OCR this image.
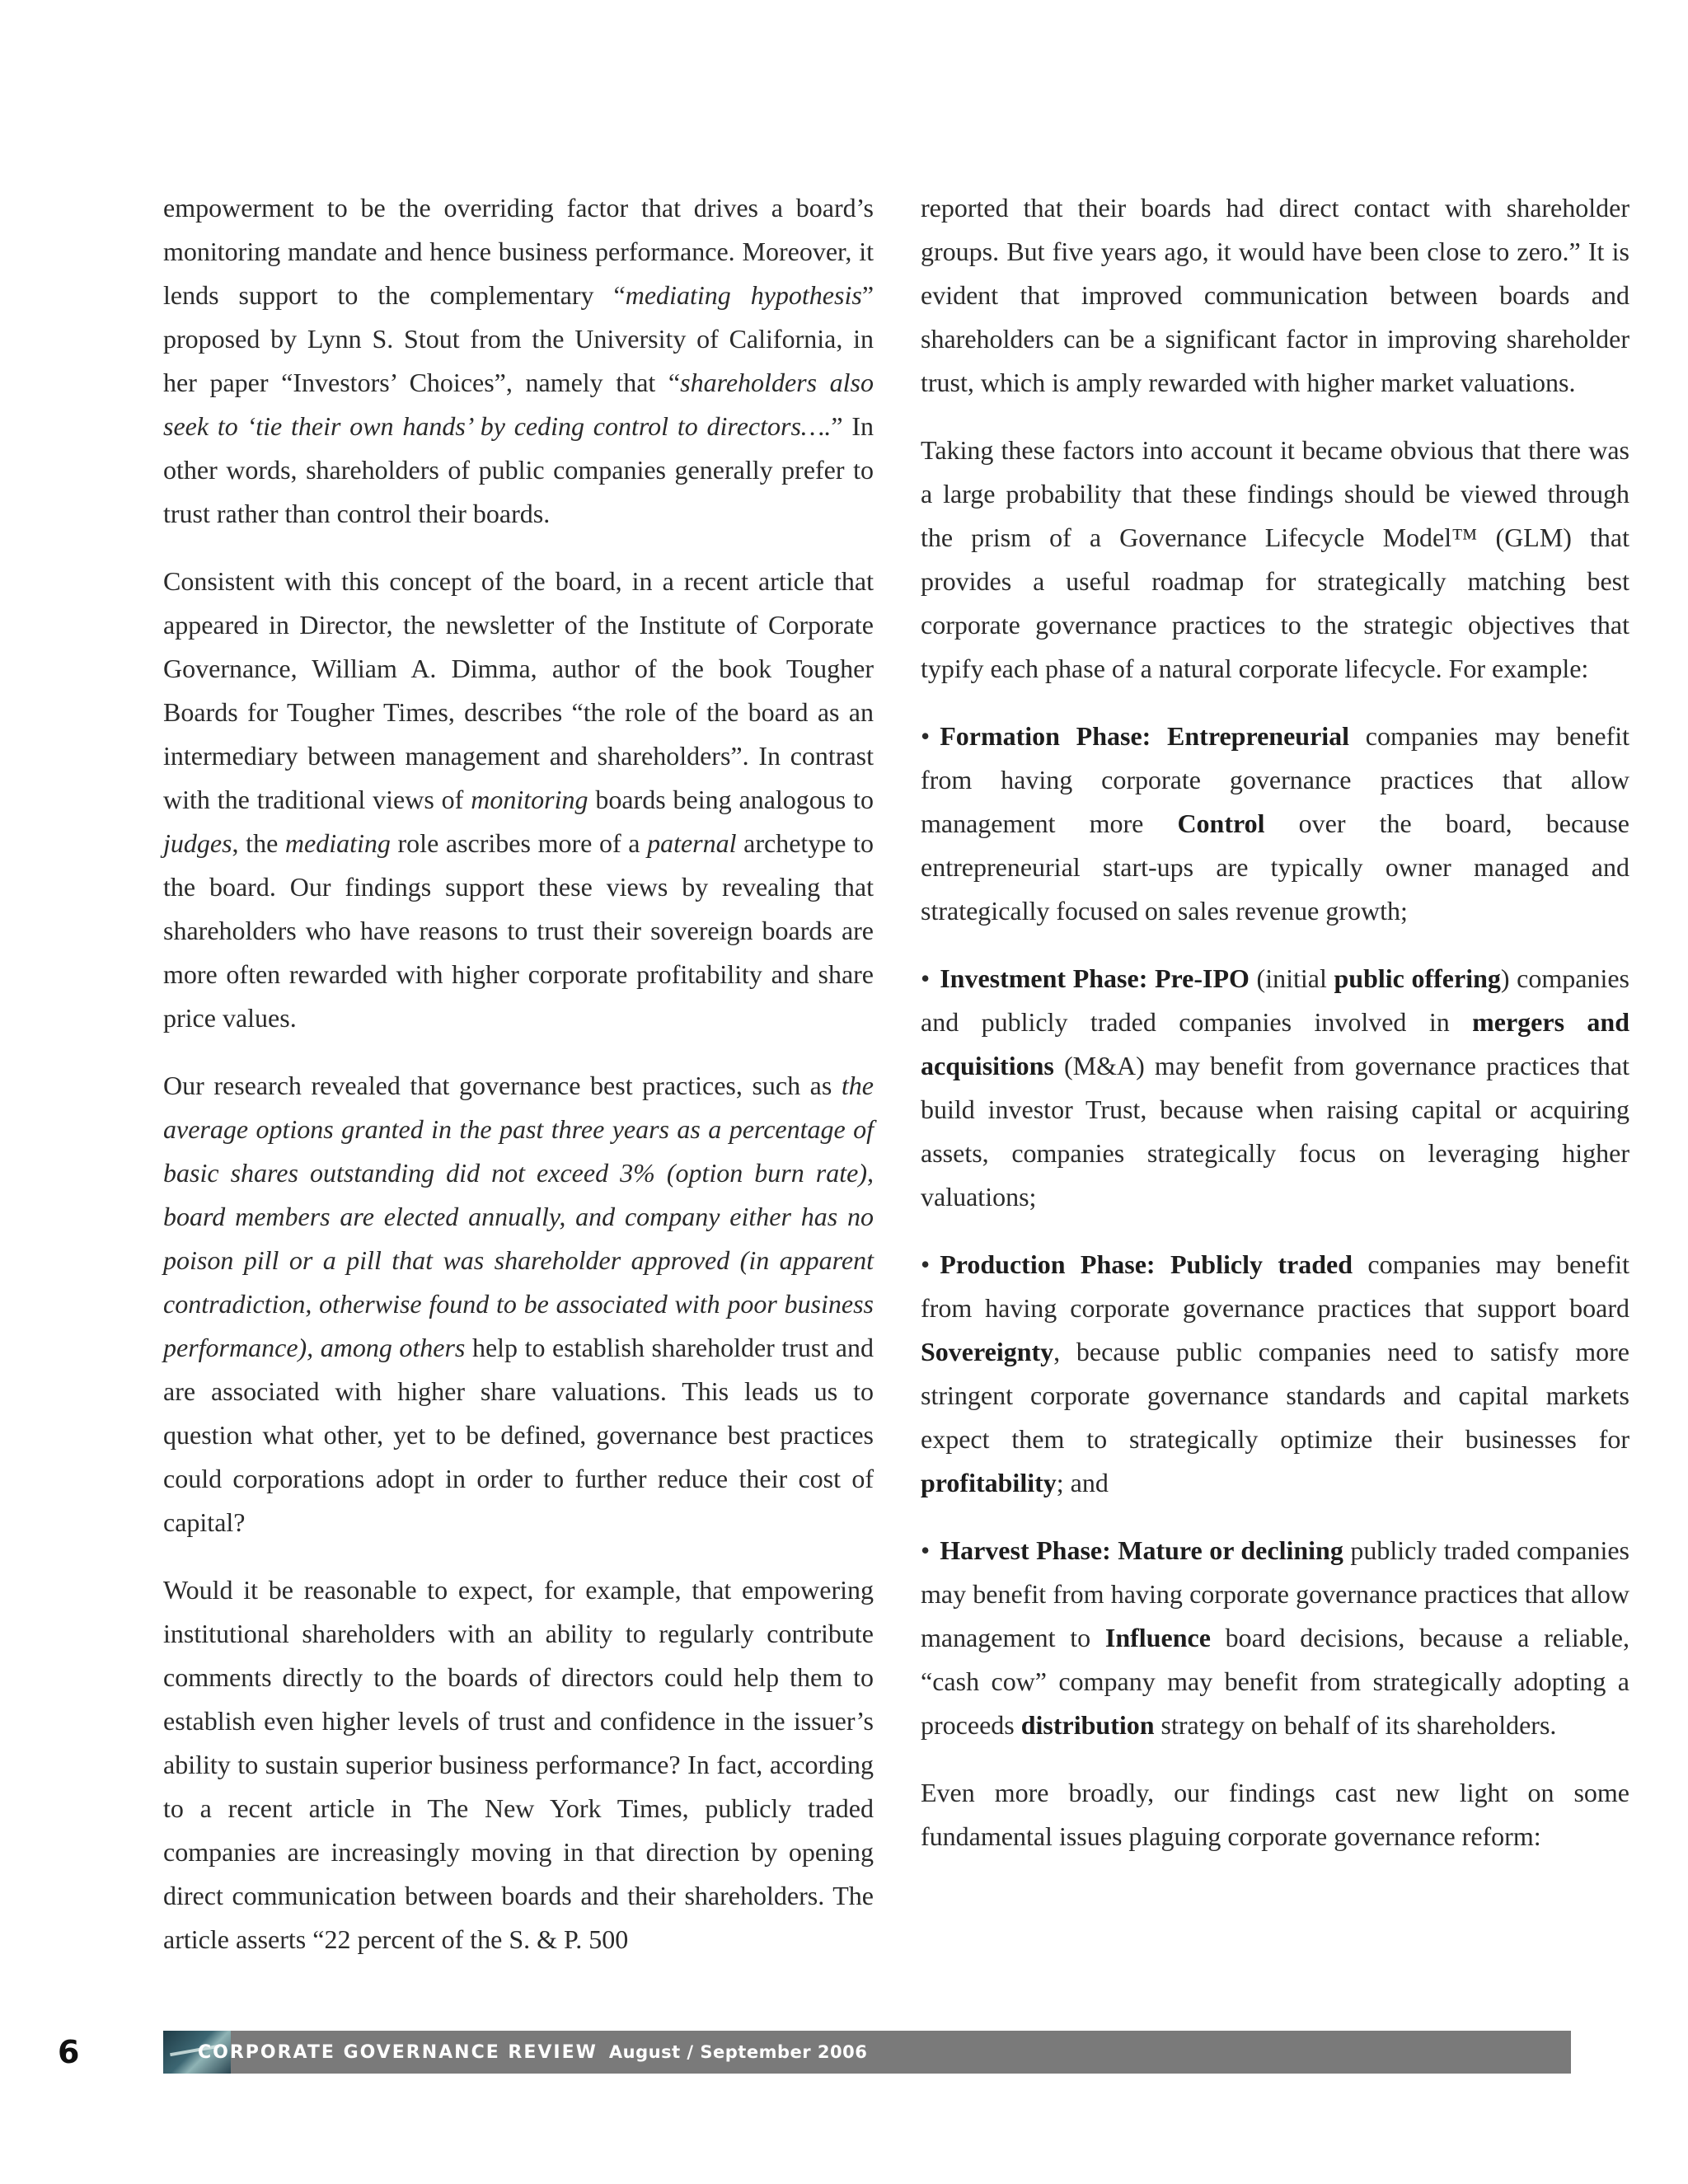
empowerment to be the overriding factor that drives a board’s monitoring mandate and hence business performance. Moreover, it lends support to the complementary “mediating hypothesis” proposed by Lynn S. Stout from the University of California, in her paper “Investors’ Choices”, namely that “shareholders also seek to ‘tie their own hands’ by ceding control to directors….” In other words, shareholders of public companies generally prefer to trust rather than control their boards.

Consistent with this concept of the board, in a recent article that appeared in Director, the newsletter of the Institute of Corporate Governance, William A. Dimma, author of the book Tougher Boards for Tougher Times, describes “the role of the board as an intermediary between management and shareholders”. In contrast with the traditional views of monitoring boards being analogous to judges, the mediating role ascribes more of a paternal archetype to the board. Our findings support these views by revealing that shareholders who have reasons to trust their sovereign boards are more often rewarded with higher corporate profitability and share price values.

Our research revealed that governance best practices, such as the average options granted in the past three years as a percentage of basic shares outstanding did not exceed 3% (option burn rate), board members are elected annually, and company either has no poison pill or a pill that was shareholder approved (in apparent contradiction, otherwise found to be associated with poor business performance), among others help to establish shareholder trust and are associated with higher share valuations. This leads us to question what other, yet to be defined, governance best practices could corporations adopt in order to further reduce their cost of capital?

Would it be reasonable to expect, for example, that empowering institutional shareholders with an ability to regularly contribute comments directly to the boards of directors could help them to establish even higher levels of trust and confidence in the issuer’s ability to sustain superior business performance? In fact, according to a recent article in The New York Times, publicly traded companies are increasingly moving in that direction by opening direct communication between boards and their shareholders. The article asserts “22 percent of the S. & P. 500

reported that their boards had direct contact with shareholder groups. But five years ago, it would have been close to zero.” It is evident that improved communication between boards and shareholders can be a significant factor in improving shareholder trust, which is amply rewarded with higher market valuations.

Taking these factors into account it became obvious that there was a large probability that these findings should be viewed through the prism of a Governance Lifecycle Model™ (GLM) that provides a useful roadmap for strategically matching best corporate governance practices to the strategic objectives that typify each phase of a natural corporate lifecycle. For example:

• Formation Phase: Entrepreneurial companies may benefit from having corporate governance practices that allow management more Control over the board, because entrepreneurial start-ups are typically owner managed and strategically focused on sales revenue growth;

• Investment Phase: Pre-IPO (initial public offering) companies and publicly traded companies involved in mergers and acquisitions (M&A) may benefit from governance practices that build investor Trust, because when raising capital or acquiring assets, companies strategically focus on leveraging higher valuations;

• Production Phase: Publicly traded companies may benefit from having corporate governance practices that support board Sovereignty, because public companies need to satisfy more stringent corporate governance standards and capital markets expect them to strategically optimize their businesses for profitability; and

• Harvest Phase: Mature or declining publicly traded companies may benefit from having corporate governance practices that allow management to Influence board decisions, because a reliable, “cash cow” company may benefit from strategically adopting a proceeds distribution strategy on behalf of its shareholders.

Even more broadly, our findings cast new light on some fundamental issues plaguing corporate governance reform:

6	CORPORATE GOVERNANCE REVIEW August / September 2006
